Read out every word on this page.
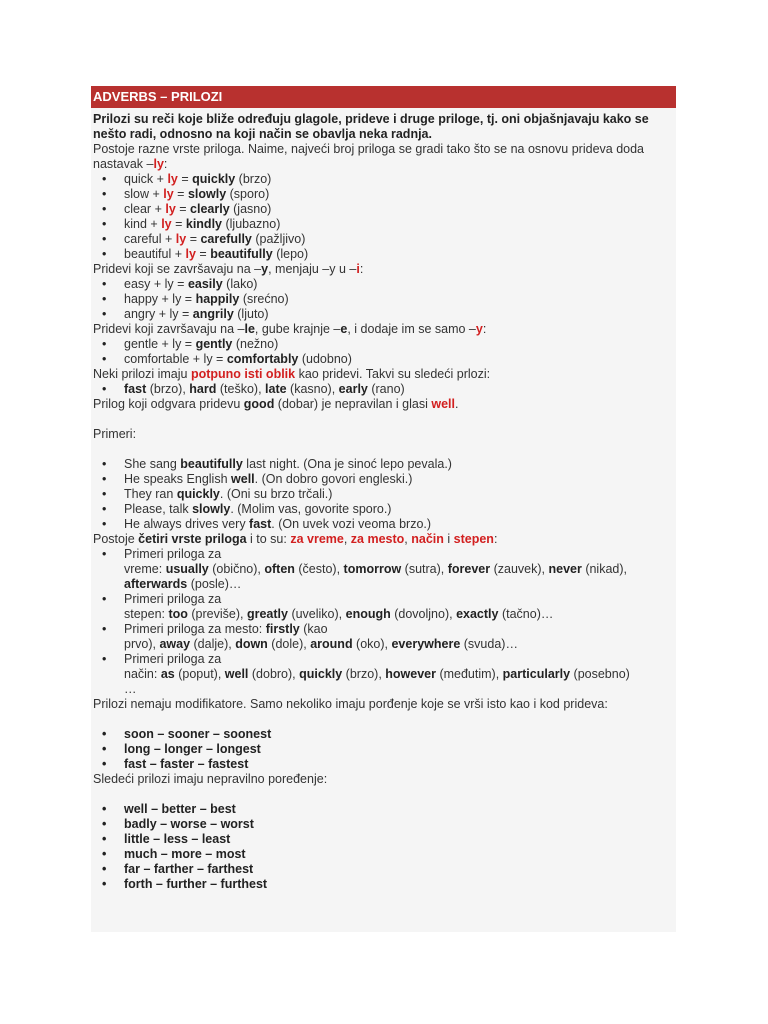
ADVERBS – PRILOZI

Prilozi su reči koje bliže određuju glagole, prideve i druge priloge, tj. oni objašnjavaju kako se nešto radi, odnosno na koji način se obavlja neka radnja.

Postoje razne vrste priloga. Naime, najveći broj priloga se gradi tako što se na osnovu prideva doda nastavak –ly:

• quick + ly = quickly (brzo)
• slow + ly = slowly (sporo)
• clear + ly = clearly (jasno)
• kind + ly = kindly (ljubazno)
• careful + ly = carefully (pažljivo)
• beautiful + ly = beautifully (lepo)

Pridevi koji se završavaju na –y, menjaju –y u –i:

• easy + ly = easily (lako)
• happy + ly = happily (srećno)
• angry + ly = angrily (ljuto)

Pridevi koji završavaju na –le, gube krajnje –e, i dodaje im se samo –y:

• gentle + ly = gently (nežno)
• comfortable + ly = comfortably (udobno)

Neki prilozi imaju potpuno isti oblik kao pridevi. Takvi su sledeći prlozi:

• fast (brzo), hard (teško), late (kasno), early (rano)

Prilog koji odgvara pridevu good (dobar) je nepravilan i glasi well.

Primeri:

• She sang beautifully last night. (Ona je sinoć lepo pevala.)
• He speaks English well. (On dobro govori engleski.)
• They ran quickly. (Oni su brzo trčali.)
• Please, talk slowly. (Molim vas, govorite sporo.)
• He always drives very fast. (On uvek vozi veoma brzo.)

Postoje četiri vrste priloga i to su: za vreme, za mesto, način i stepen:

• Primeri priloga za
vreme: usually (obično), often (često), tomorrow (sutra), forever (zauvek), never (nikad), afterwards (posle)…
• Primeri priloga za
stepen: too (previše), greatly (uveliko), enough (dovoljno), exactly (tačno)…
• Primeri priloga za mesto: firstly (kao
prvo), away (dalje), down (dole), around (oko), everywhere (svuda)…
• Primeri priloga za
način: as (poput), well (dobro), quickly (brzo), however (međutim), particularly (posebno)
…

Prilozi nemaju modifikatore. Samo nekoliko imaju porđenje koje se vrši isto kao i kod prideva:

• soon – sooner – soonest
• long – longer – longest
• fast – faster – fastest

Sledeći prilozi imaju nepravilno poređenje:

• well – better – best
• badly – worse – worst
• little – less – least
• much – more – most
• far – farther – farthest
• forth – further – furthest
